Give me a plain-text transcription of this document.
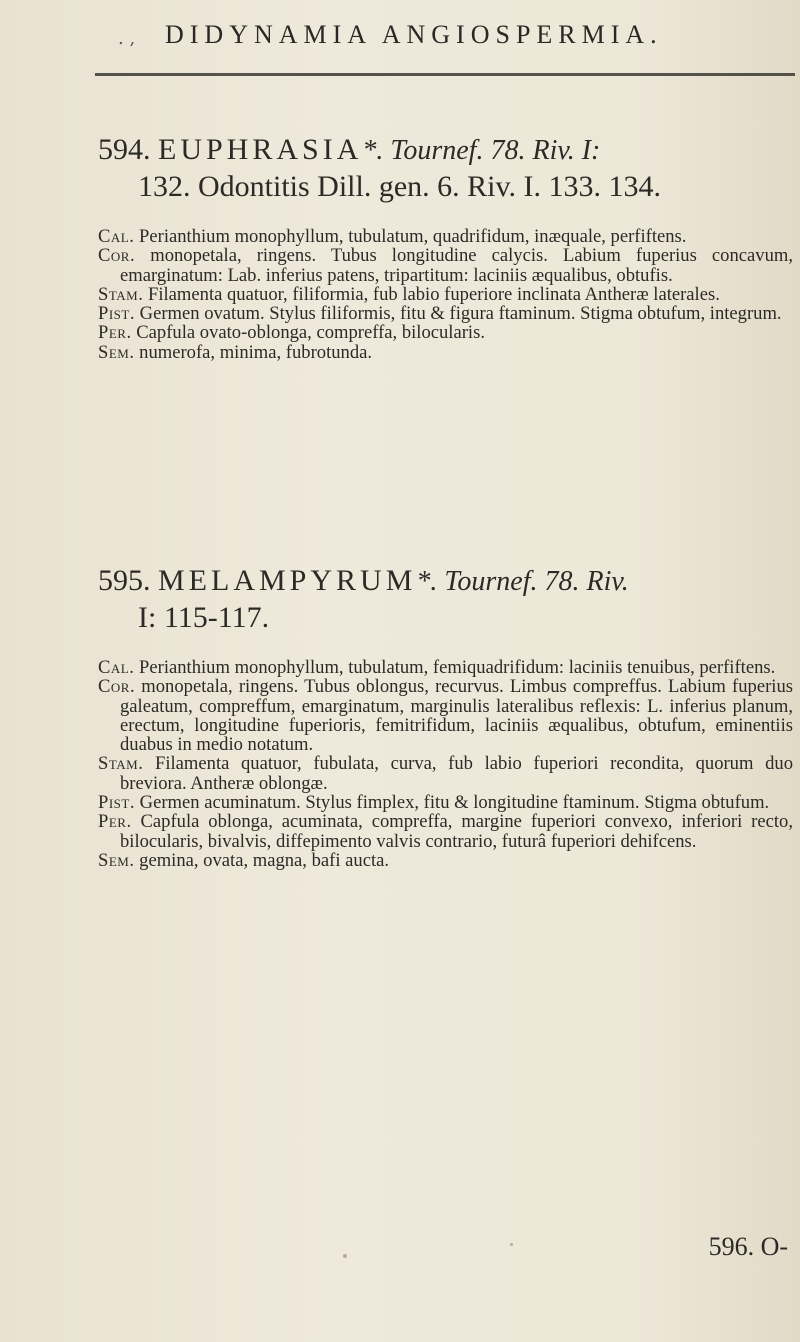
. , DIDYNAMIA ANGIOSPERMIA.
594. EUPHRASIA*. Tournef. 78. Riv. I:
132. Odontitis Dill. gen. 6. Riv. I. 133. 134.

Cal. Perianthium monophyllum, tubulatum, quadrifidum, inæquale, perfiftens.

Cor. monopetala, ringens. Tubus longitudine calycis. Labium fuperius concavum, emarginatum: Lab. inferius patens, tripartitum: laciniis æqualibus, obtufis.

Stam. Filamenta quatuor, filiformia, fub labio fuperiore inclinata Antheræ laterales.

Pist. Germen ovatum. Stylus filiformis, fitu & figura ftaminum. Stigma obtufum, integrum.

Per. Capfula ovato-oblonga, compreffa, bilocularis.

Sem. numerofa, minima, fubrotunda.

595. MELAMPYRUM*. Tournef. 78. Riv.
I: 115-117.

Cal. Perianthium monophyllum, tubulatum, femiquadrifidum: laciniis tenuibus, perfiftens.

Cor. monopetala, ringens. Tubus oblongus, recurvus. Limbus compreffus. Labium fuperius galeatum, compreffum, emarginatum, marginulis lateralibus reflexis: L. inferius planum, erectum, longitudine fuperioris, femitrifidum, laciniis æqualibus, obtufum, eminentiis duabus in medio notatum.

Stam. Filamenta quatuor, fubulata, curva, fub labio fuperiori recondita, quorum duo breviora. Antheræ oblongæ.

Pist. Germen acuminatum. Stylus fimplex, fitu & longitudine ftaminum. Stigma obtufum.

Per. Capfula oblonga, acuminata, compreffa, margine fuperiori convexo, inferiori recto, bilocularis, bivalvis, diffepimento valvis contrario, futurâ fuperiori dehifcens.

Sem. gemina, ovata, magna, bafi aucta.

596. O-
